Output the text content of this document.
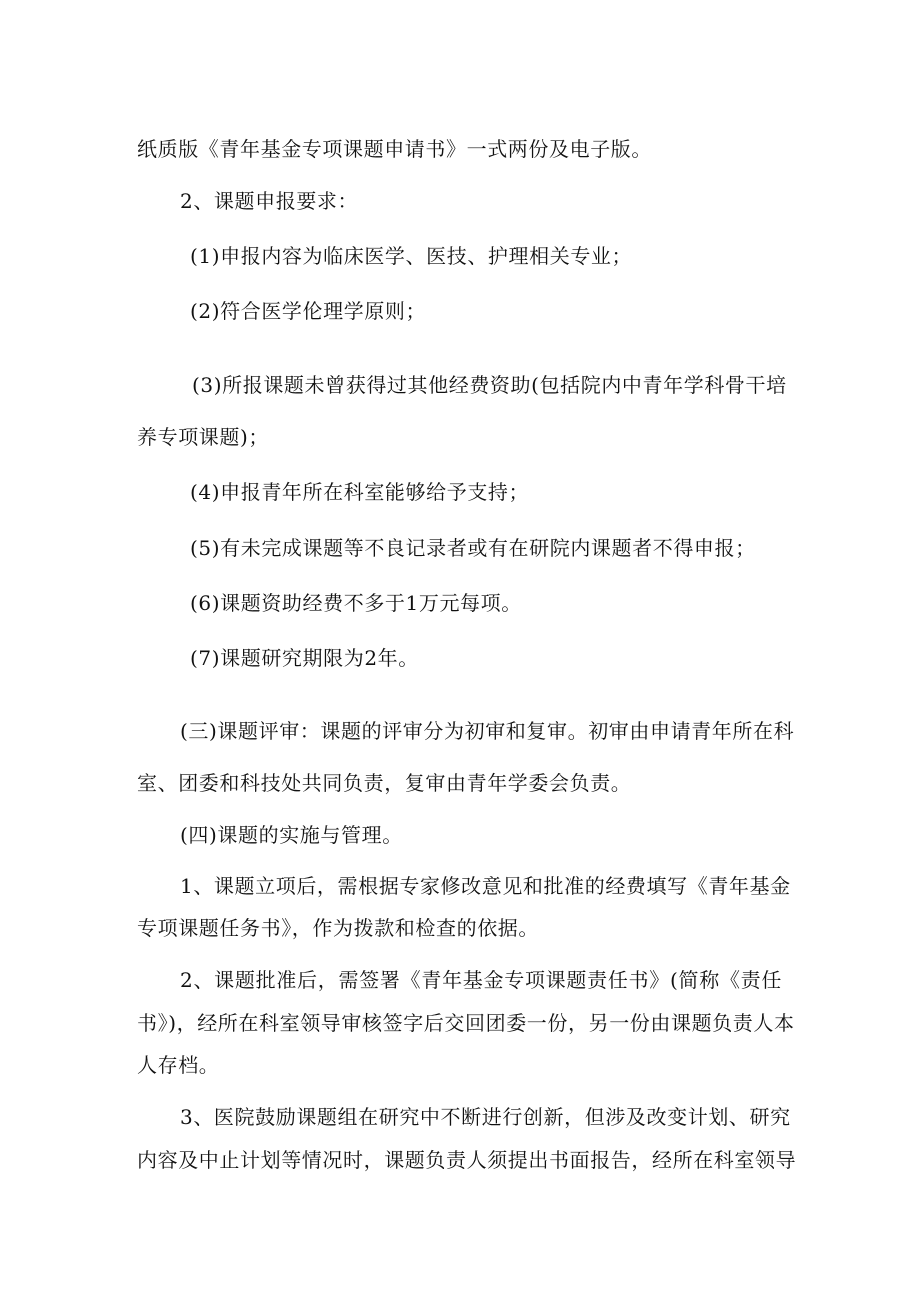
纸质版《青年基金专项课题申请书》一式两份及电子版。
2、课题申报要求：
(1)申报内容为临床医学、医技、护理相关专业；
(2)符合医学伦理学原则；
(3)所报课题未曾获得过其他经费资助(包括院内中青年学科骨干培
养专项课题)；
(4)申报青年所在科室能够给予支持；
(5)有未完成课题等不良记录者或有在研院内课题者不得申报；
(6)课题资助经费不多于1万元每项。
(7)课题研究期限为2年。
(三)课题评审：课题的评审分为初审和复审。初审由申请青年所在科
室、团委和科技处共同负责，复审由青年学委会负责。
(四)课题的实施与管理。
1、课题立项后，需根据专家修改意见和批准的经费填写《青年基金
专项课题任务书》，作为拨款和检查的依据。
2、课题批准后，需签署《青年基金专项课题责任书》(简称《责任
书》)，经所在科室领导审核签字后交回团委一份，另一份由课题负责人本
人存档。
3、医院鼓励课题组在研究中不断进行创新，但涉及改变计划、研究
内容及中止计划等情况时，课题负责人须提出书面报告，经所在科室领导
